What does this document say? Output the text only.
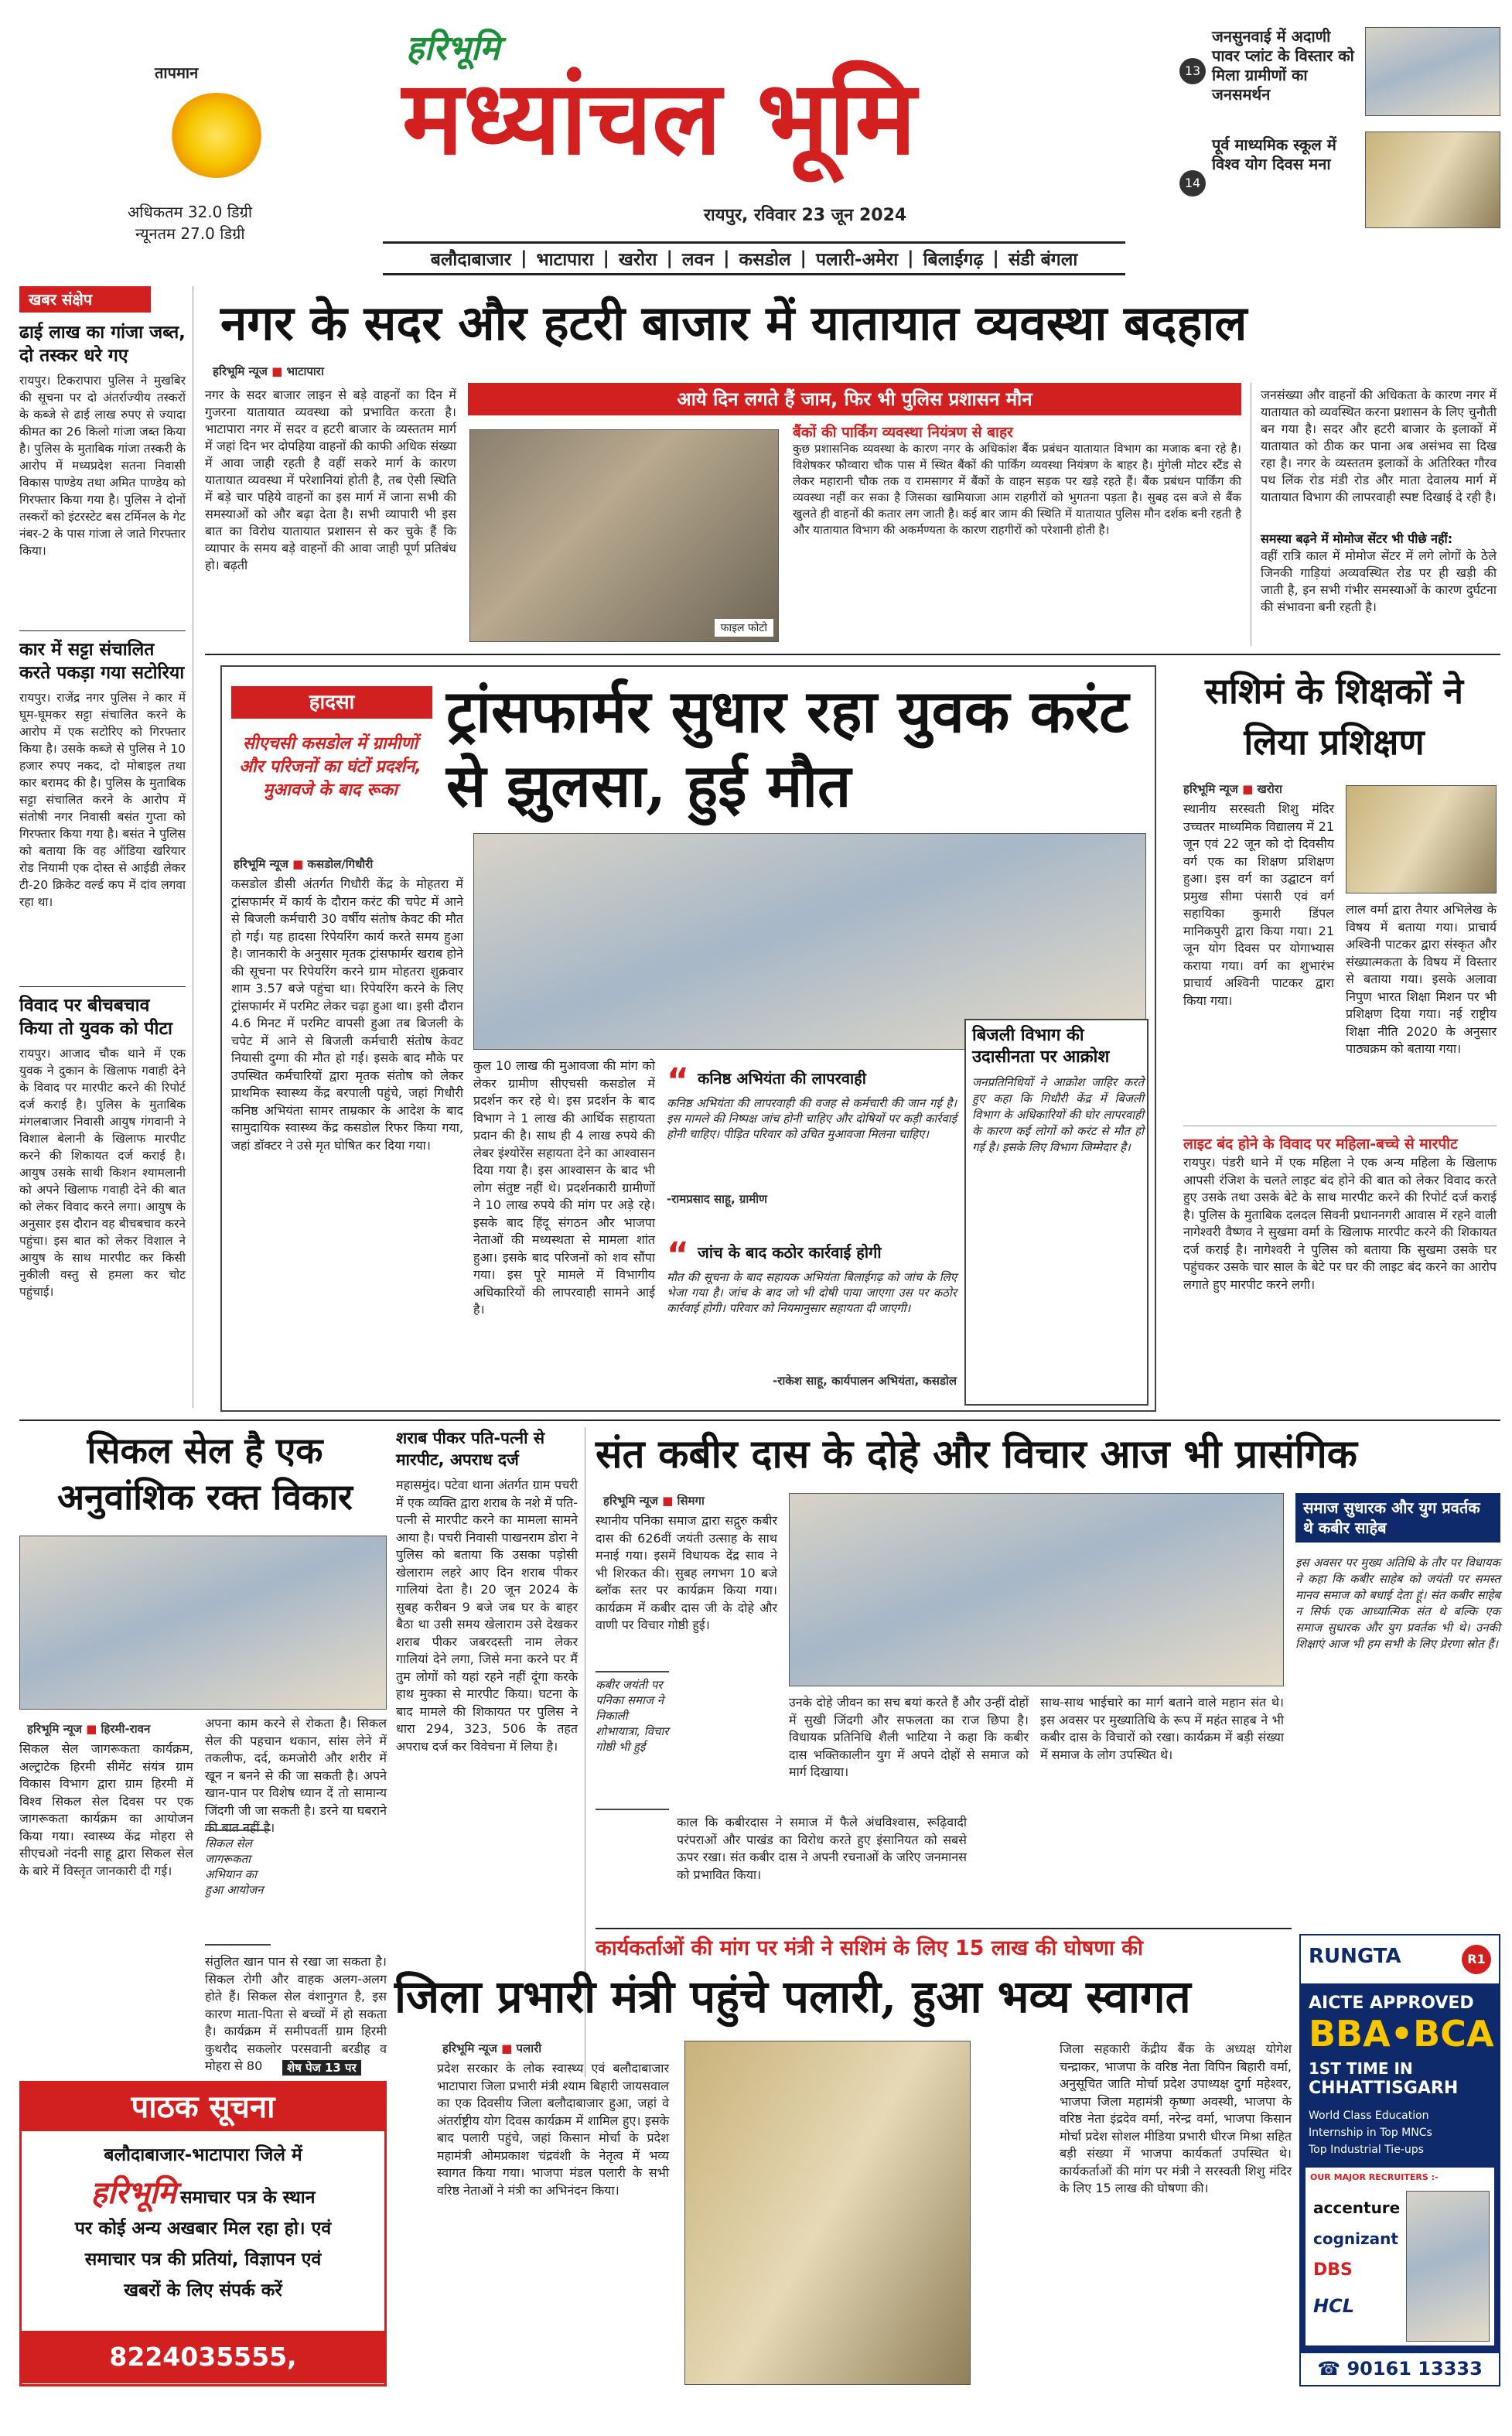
तापमान
अधिकतम 32.0 डिग्री
न्यूनतम 27.0 डिग्री
हरिभूमि
मध्यांचल भूमि
रायपुर, रविवार 23 जून 2024
13
जनसुनवाई में अदाणी पावर प्लांट के विस्तार को मिला ग्रामीणों का जनसमर्थन
14
पूर्व माध्यमिक स्कूल में विश्व योग दिवस मना
बलौदाबाजार | भाटापारा | खरोरा | लवन | कसडोल | पलारी-अमेरा | बिलाईगढ़ | संडी बंगला
खबर संक्षेप
ढाई लाख का गांजा जब्त, दो तस्कर धरे गए
रायपुर। टिकरापारा पुलिस ने मुखबिर की सूचना पर दो अंतर्राज्यीय तस्करों के कब्जे से ढाई लाख रुपए से ज्यादा कीमत का 26 किलो गांजा जब्त किया है। पुलिस के मुताबिक गांजा तस्करी के आरोप में मध्यप्रदेश सतना निवासी विकास पाण्डेय तथा अमित पाण्डेय को गिरफ्तार किया गया है। पुलिस ने दोनों तस्करों को इंटरस्टेट बस टर्मिनल के गेट नंबर-2 के पास गांजा ले जाते गिरफ्तार किया।
कार में सट्टा संचालित करते पकड़ा गया सटोरिया
रायपुर। राजेंद्र नगर पुलिस ने कार में घूम-घूमकर सट्टा संचालित करने के आरोप में एक सटोरिए को गिरफ्तार किया है। उसके कब्जे से पुलिस ने 10 हजार रुपए नकद, दो मोबाइल तथा कार बरामद की है। पुलिस के मुताबिक सट्टा संचालित करने के आरोप में संतोषी नगर निवासी बसंत गुप्ता को गिरफ्तार किया गया है। बसंत ने पुलिस को बताया कि वह ऑडिया खरियार रोड नियामी एक दोस्त से आईडी लेकर टी-20 क्रिकेट वर्ल्ड कप में दांव लगवा रहा था।
विवाद पर बीचबचाव किया तो युवक को पीटा
रायपुर। आजाद चौक थाने में एक युवक ने दुकान के खिलाफ गवाही देने के विवाद पर मारपीट करने की रिपोर्ट दर्ज कराई है। पुलिस के मुताबिक मंगलबाजार निवासी आयुष गंगवानी ने विशाल बेलानी के खिलाफ मारपीट करने की शिकायत दर्ज कराई है। आयुष उसके साथी किशन श्यामलानी को अपने खिलाफ गवाही देने की बात को लेकर विवाद करने लगा। आयुष के अनुसार इस दौरान वह बीचबचाव करने पहुंचा। इस बात को लेकर विशाल ने आयुष के साथ मारपीट कर किसी नुकीली वस्तु से हमला कर चोट पहुंचाई।
नगर के सदर और हटरी बाजार में यातायात व्यवस्था बदहाल
हरिभूमि न्यूज ■ भाटापारा
आये दिन लगते हैं जाम, फिर भी पुलिस प्रशासन मौन
नगर के सदर बाजार लाइन से बड़े वाहनों का दिन में गुजरना यातायात व्यवस्था को प्रभावित करता है। भाटापारा नगर में सदर व हटरी बाजार के व्यस्ततम मार्ग में जहां दिन भर दोपहिया वाहनों की काफी अधिक संख्या में आवा जाही रहती है वहीं सकरे मार्ग के कारण यातायात व्यवस्था में परेशानियां होती है, तब ऐसी स्थिति में बड़े चार पहिये वाहनों का इस मार्ग में जाना सभी की समस्याओं को और बढ़ा देता है। सभी व्यापारी भी इस बात का विरोध यातायात प्रशासन से कर चुके हैं कि व्यापार के समय बड़े वाहनों की आवा जाही पूर्ण प्रतिबंध हो। बढ़ती
फाइल फोटो
बैंकों की पार्किंग व्यवस्था नियंत्रण से बाहर
कुछ प्रशासनिक व्यवस्था के कारण नगर के अधिकांश बैंक प्रबंधन यातायात विभाग का मजाक बना रहे है। विशेषकर फौव्वारा चौक पास में स्थित बैंकों की पार्किंग व्यवस्था नियंत्रण के बाहर है। मुंगेली मोटर स्टैंड से लेकर महारानी चौक तक व रामसागर में बैंकों के वाहन सड़क पर खड़े रहते हैं। बैंक प्रबंधन पार्किंग की व्यवस्था नहीं कर सका है जिसका खामियाजा आम राहगीरों को भुगतना पड़ता है। सुबह दस बजे से बैंक खुलते ही वाहनों की कतार लग जाती है। कई बार जाम की स्थिति में यातायात पुलिस मौन दर्शक बनी रहती है और यातायात विभाग की अकर्मण्यता के कारण राहगीरों को परेशानी होती है।
जनसंख्या और वाहनों की अधिकता के कारण नगर में यातायात को व्यवस्थित करना प्रशासन के लिए चुनौती बन गया है। सदर और हटरी बाजार के इलाकों में यातायात को ठीक कर पाना अब असंभव सा दिख रहा है। नगर के व्यस्ततम इलाकों के अतिरिक्त गौरव पथ लिंक रोड मंडी रोड और माता देवालय मार्ग में यातायात विभाग की लापरवाही स्पष्ट दिखाई दे रही है।
समस्या बढ़ने में मोमोज सेंटर भी पीछे नहीं:
वहीं रात्रि काल में मोमोज सेंटर में लगे लोगों के ठेले जिनकी गाड़ियां अव्यवस्थित रोड पर ही खड़ी की जाती है, इन सभी गंभीर समस्याओं के कारण दुर्घटना की संभावना बनी रहती है।
हादसा
सीएचसी कसडोल में ग्रामीणों और परिजनों का घंटों प्रदर्शन, मुआवजे के बाद रूका
ट्रांसफार्मर सुधार रहा युवक करंट से झुलसा, हुई मौत
हरिभूमि न्यूज ■ कसडोल/गिधौरी
कसडोल डीसी अंतर्गत गिधौरी केंद्र के मोहतरा में ट्रांसफार्मर में कार्य के दौरान करंट की चपेट में आने से बिजली कर्मचारी 30 वर्षीय संतोष केवट की मौत हो गई। यह हादसा रिपेयरिंग कार्य करते समय हुआ है। जानकारी के अनुसार मृतक ट्रांसफार्मर खराब होने की सूचना पर रिपेयरिंग करने ग्राम मोहतरा शुक्रवार शाम 3.57 बजे पहुंचा था। रिपेयरिंग करने के लिए ट्रांसफार्मर में परमिट लेकर चढ़ा हुआ था। इसी दौरान 4.6 मिनट में परमिट वापसी हुआ तब बिजली के चपेट में आने से बिजली कर्मचारी संतोष केवट नियासी दुग्गा की मौत हो गई। इसके बाद मौके पर उपस्थित कर्मचारियों द्वारा मृतक संतोष को लेकर प्राथमिक स्वास्थ्य केंद्र बरपाली पहुंचे, जहां गिधौरी कनिष्ठ अभियंता सामर ताम्रकार के आदेश के बाद सामुदायिक स्वास्थ्य केंद्र कसडोल रिफर किया गया, जहां डॉक्टर ने उसे मृत घोषित कर दिया गया।
कुल 10 लाख की मुआवजा की मांग को लेकर ग्रामीण सीएचसी कसडोल में प्रदर्शन कर रहे थे। इस प्रदर्शन के बाद विभाग ने 1 लाख की आर्थिक सहायता प्रदान की है। साथ ही 4 लाख रुपये की लेबर इंश्योरेंस सहायता देने का आश्वासन दिया गया है। इस आश्वासन के बाद भी लोग संतुष्ट नहीं थे। प्रदर्शनकारी ग्रामीणों ने 10 लाख रुपये की मांग पर अड़े रहे। इसके बाद हिंदू संगठन और भाजपा नेताओं की मध्यस्थता से मामला शांत हुआ। इसके बाद परिजनों को शव सौंपा गया। इस पूरे मामले में विभागीय अधिकारियों की लापरवाही सामने आई है।
“ कनिष्ठ अभियंता की लापरवाही
कनिष्ठ अभियंता की लापरवाही की वजह से कर्मचारी की जान गई है। इस मामले की निष्पक्ष जांच होनी चाहिए और दोषियों पर कड़ी कार्रवाई होनी चाहिए। पीड़ित परिवार को उचित मुआवजा मिलना चाहिए।
-रामप्रसाद साहू, ग्रामीण
“ जांच के बाद कठोर कार्रवाई होगी
मौत की सूचना के बाद सहायक अभियंता बिलाईगढ़ को जांच के लिए भेजा गया है। जांच के बाद जो भी दोषी पाया जाएगा उस पर कठोर कार्रवाई होगी। परिवार को नियमानुसार सहायता दी जाएगी।
-राकेश साहू, कार्यपालन अभियंता, कसडोल
बिजली विभाग की उदासीनता पर आक्रोश
जनप्रतिनिधियों ने आक्रोश जाहिर करते हुए कहा कि गिधौरी केंद्र में बिजली विभाग के अधिकारियों की घोर लापरवाही के कारण कई लोगों को करंट से मौत हो गई है। इसके लिए विभाग जिम्मेदार है।
सशिमं के शिक्षकों ने लिया प्रशिक्षण
हरिभूमि न्यूज ■ खरोरा
स्थानीय सरस्वती शिशु मंदिर उच्चतर माध्यमिक विद्यालय में 21 जून एवं 22 जून को दो दिवसीय वर्ग एक का शिक्षण प्रशिक्षण हुआ। इस वर्ग का उद्घाटन वर्ग प्रमुख सीमा पंसारी एवं वर्ग सहायिका कुमारी डिंपल मानिकपुरी द्वारा किया गया। 21 जून योग दिवस पर योगाभ्यास कराया गया। वर्ग का शुभारंभ प्राचार्य अश्विनी पाटकर द्वारा किया गया।
लाल वर्मा द्वारा तैयार अभिलेख के विषय में बताया गया। प्राचार्य अश्विनी पाटकर द्वारा संस्कृत और संख्यात्मकता के विषय में विस्तार से बताया गया। इसके अलावा निपुण भारत शिक्षा मिशन पर भी प्रशिक्षण दिया गया। नई राष्ट्रीय शिक्षा नीति 2020 के अनुसार पाठ्यक्रम को बताया गया।
लाइट बंद होने के विवाद पर महिला-बच्चे से मारपीट
रायपुर। पंडरी थाने में एक महिला ने एक अन्य महिला के खिलाफ आपसी रंजिश के चलते लाइट बंद होने की बात को लेकर विवाद करते हुए उसके तथा उसके बेटे के साथ मारपीट करने की रिपोर्ट दर्ज कराई है। पुलिस के मुताबिक दलदल सिवनी प्रधाननगरी आवास में रहने वाली नागेश्वरी वैष्णव ने सुखमा वर्मा के खिलाफ मारपीट करने की शिकायत दर्ज कराई है। नागेश्वरी ने पुलिस को बताया कि सुखमा उसके घर पहुंचकर उसके चार साल के बेटे पर घर की लाइट बंद करने का आरोप लगाते हुए मारपीट करने लगी।
सिकल सेल है एक अनुवांशिक रक्त विकार
हरिभूमि न्यूज ■ हिरमी-रावन
सिकल सेल जागरूकता कार्यक्रम, अल्ट्राटेक हिरमी सीमेंट संयंत्र ग्राम विकास विभाग द्वारा ग्राम हिरमी में विश्व सिकल सेल दिवस पर एक जागरूकता कार्यक्रम का आयोजन किया गया। स्वास्थ्य केंद्र मोहरा से सीएचओ नंदनी साहू द्वारा सिकल सेल के बारे में विस्तृत जानकारी दी गई।
अपना काम करने से रोकता है। सिकल सेल की पहचान थकान, सांस लेने में तकलीफ, दर्द, कमजोरी और शरीर में खून न बनने से की जा सकती है। अपने खान-पान पर विशेष ध्यान दें तो सामान्य जिंदगी जी जा सकती है। डरने या घबराने की बात नहीं है।
सिकल सेल जागरूकता अभियान का हुआ आयोजन
संतुलित खान पान से रखा जा सकता है। सिकल रोगी और वाहक अलग-अलग होते हैं। सिकल सेल वंशानुगत है, इस कारण माता-पिता से बच्चों में हो सकता है। कार्यक्रम में समीपवर्ती ग्राम हिरमी कुथरौद सकलोर परसवानी बरडीह व मोहरा से 80	शेष पेज 13 पर
शराब पीकर पति-पत्नी से मारपीट, अपराध दर्ज
महासमुंद। पटेवा थाना अंतर्गत ग्राम पचरी में एक व्यक्ति द्वारा शराब के नशे में पति-पत्नी से मारपीट करने का मामला सामने आया है। पचरी निवासी पाखनराम डोरा ने पुलिस को बताया कि उसका पड़ोसी खेलाराम लहरे आए दिन शराब पीकर गालियां देता है। 20 जून 2024 के सुबह करीबन 9 बजे जब घर के बाहर बैठा था उसी समय खेलाराम उसे देखकर शराब पीकर जबरदस्ती नाम लेकर गालियां देने लगा, जिसे मना करने पर मैं तुम लोगों को यहां रहने नहीं दूंगा करके हाथ मुक्का से मारपीट किया। घटना के बाद मामले की शिकायत पर पुलिस ने धारा 294, 323, 506 के तहत अपराध दर्ज कर विवेचना में लिया है।
संत कबीर दास के दोहे और विचार आज भी प्रासंगिक
हरिभूमि न्यूज ■ सिमगा
स्थानीय पनिका समाज द्वारा सद्गुरु कबीर दास की 626वीं जयंती उत्साह के साथ मनाई गया। इसमें विधायक देंद्र साव ने भी शिरकत की। सुबह लगभग 10 बजे ब्लॉक स्तर पर कार्यक्रम किया गया। कार्यक्रम में कबीर दास जी के दोहे और वाणी पर विचार गोष्ठी हुई।
कबीर जयंती पर पनिका समाज ने निकाली शोभायात्रा, विचार गोष्ठी भी हुई
काल कि कबीरदास ने समाज में फैले अंधविश्वास, रूढ़िवादी परंपराओं और पाखंड का विरोध करते हुए इंसानियत को सबसे ऊपर रखा। संत कबीर दास ने अपनी रचनाओं के जरिए जनमानस को प्रभावित किया।
उनके दोहे जीवन का सच बयां करते हैं और उन्हीं दोहों में सुखी जिंदगी और सफलता का राज छिपा है। विधायक प्रतिनिधि शैली भाटिया ने कहा कि कबीर दास भक्तिकालीन युग में अपने दोहों से समाज को मार्ग दिखाया।
साथ-साथ भाईचारे का मार्ग बताने वाले महान संत थे। इस अवसर पर मुख्यातिथि के रूप में महंत साहब ने भी कबीर दास के विचारों को रखा। कार्यक्रम में बड़ी संख्या में समाज के लोग उपस्थित थे।
समाज सुधारक और युग प्रवर्तक थे कबीर साहेब
इस अवसर पर मुख्य अतिथि के तौर पर विधायक ने कहा कि कबीर साहेब को जयंती पर समस्त मानव समाज को बधाई देता हूं। संत कबीर साहेब न सिर्फ एक आध्यात्मिक संत थे बल्कि एक समाज सुधारक और युग प्रवर्तक भी थे। उनकी शिक्षाएं आज भी हम सभी के लिए प्रेरणा स्रोत हैं।
कार्यकर्ताओं की मांग पर मंत्री ने सशिमं के लिए 15 लाख की घोषणा की
जिला प्रभारी मंत्री पहुंचे पलारी, हुआ भव्य स्वागत
हरिभूमि न्यूज ■ पलारी
प्रदेश सरकार के लोक स्वास्थ्य एवं बलौदाबाजार भाटापारा जिला प्रभारी मंत्री श्याम बिहारी जायसवाल का एक दिवसीय जिला बलौदाबाजार हुआ, जहां वे अंतर्राष्ट्रीय योग दिवस कार्यक्रम में शामिल हुए। इसके बाद पलारी पहुंचे, जहां किसान मोर्चा के प्रदेश महामंत्री ओमप्रकाश चंद्रवंशी के नेतृत्व में भव्य स्वागत किया गया। भाजपा मंडल पलारी के सभी वरिष्ठ नेताओं ने मंत्री का अभिनंदन किया।
जिला सहकारी केंद्रीय बैंक के अध्यक्ष योगेश चन्द्राकर, भाजपा के वरिष्ठ नेता विपिन बिहारी वर्मा, अनुसूचित जाति मोर्चा प्रदेश उपाध्यक्ष दुर्गा महेश्वर, भाजपा जिला महामंत्री कृष्णा अवस्थी, भाजपा के वरिष्ठ नेता इंद्रदेव वर्मा, नरेन्द्र वर्मा, भाजपा किसान मोर्चा प्रदेश सोशल मीडिया प्रभारी धीरज मिश्रा सहित बड़ी संख्या में भाजपा कार्यकर्ता उपस्थित थे। कार्यकर्ताओं की मांग पर मंत्री ने सरस्वती शिशु मंदिर के लिए 15 लाख की घोषणा की।
पाठक सूचना
बलौदाबाजार-भाटापारा जिले में
हरिभूमि समाचार पत्र के स्थान
पर कोई अन्य अखबार मिल रहा हो। एवं
समाचार पत्र की प्रतियां, विज्ञापन एवं
खबरों के लिए संपर्क करें
8224035555, 8370049468
RUNGTA	R1
AICTE APPROVED
BBA•BCA
1ST TIME IN
CHHATTISGARH
World Class Education
Internship in Top MNCs
Top Industrial Tie-ups
OUR MAJOR RECRUITERS :-
accenture
cognizant
DBS
HCL
☎ 90161 13333
